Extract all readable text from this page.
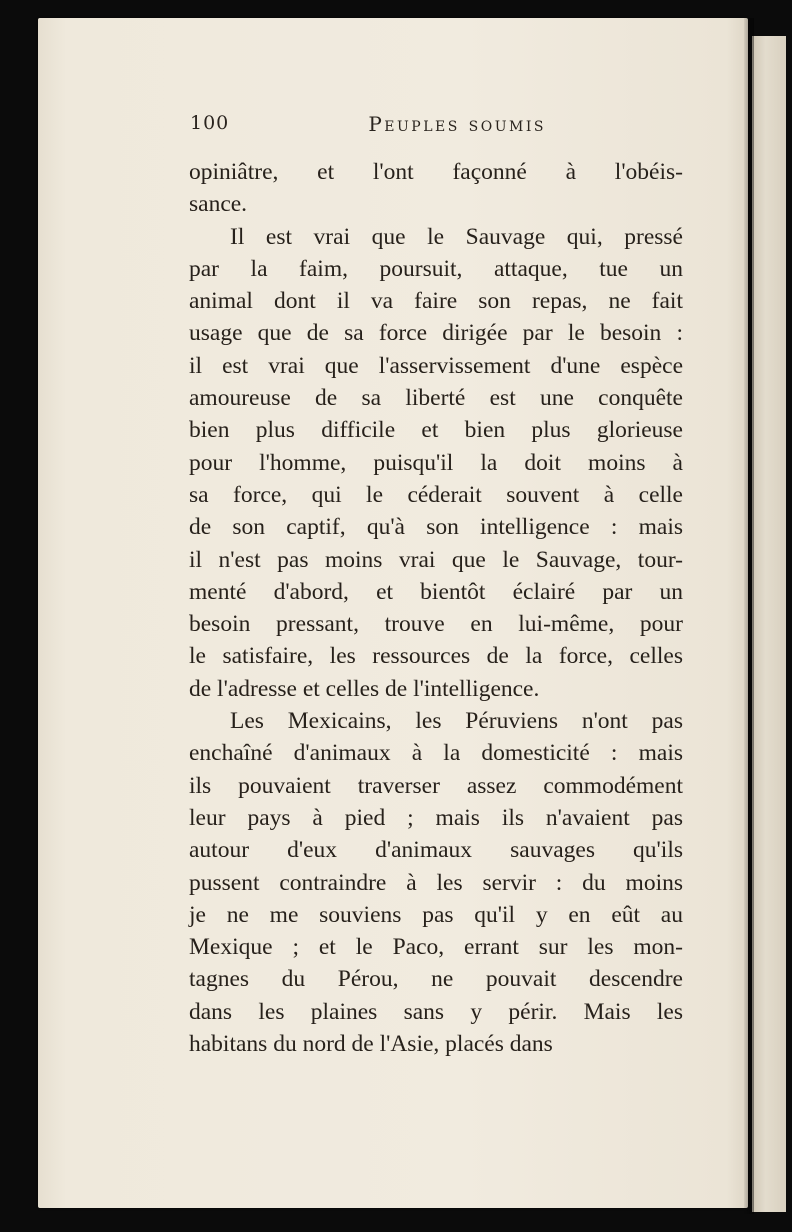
100	Peuples soumis
opiniâtre, et l'ont façonné à l'obéis-
sance.
Il est vrai que le Sauvage qui, pressé
par la faim, poursuit, attaque, tue un
animal dont il va faire son repas, ne fait
usage que de sa force dirigée par le besoin :
il est vrai que l'asservissement d'une espèce
amoureuse de sa liberté est une conquête
bien plus difficile et bien plus glorieuse
pour l'homme, puisqu'il la doit moins à
sa force, qui le céderait souvent à celle
de son captif, qu'à son intelligence : mais
il n'est pas moins vrai que le Sauvage, tour-
menté d'abord, et bientôt éclairé par un
besoin pressant, trouve en lui-même, pour
le satisfaire, les ressources de la force, celles
de l'adresse et celles de l'intelligence.
Les Mexicains, les Péruviens n'ont pas
enchaîné d'animaux à la domesticité : mais
ils pouvaient traverser assez commodément
leur pays à pied ; mais ils n'avaient pas
autour d'eux d'animaux sauvages qu'ils
pussent contraindre à les servir : du moins
je ne me souviens pas qu'il y en eût au
Mexique ; et le Paco, errant sur les mon-
tagnes du Pérou, ne pouvait descendre
dans les plaines sans y périr. Mais les
habitans du nord de l'Asie, placés dans
